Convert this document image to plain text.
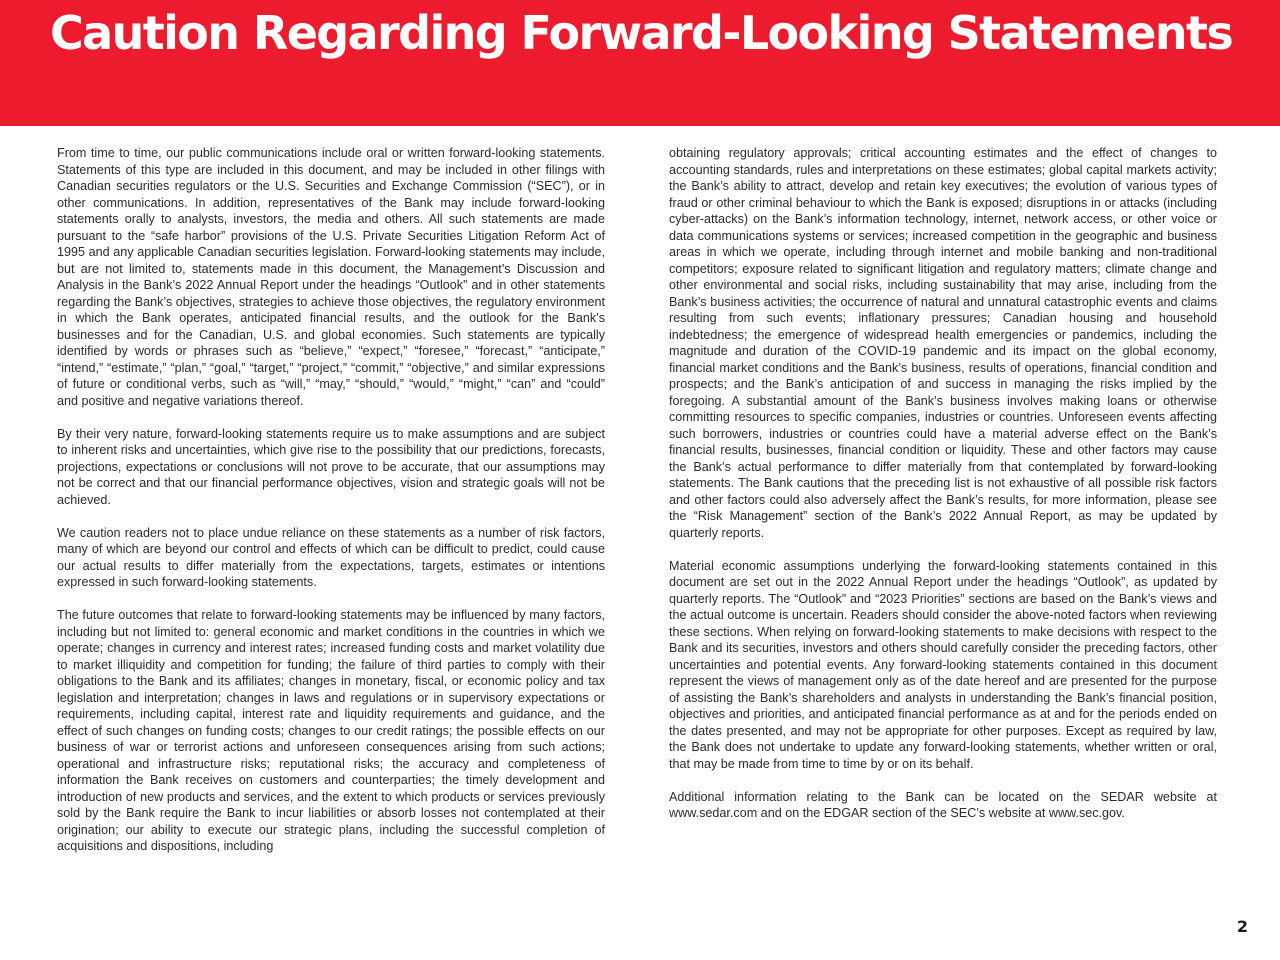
Caution Regarding Forward-Looking Statements

From time to time, our public communications include oral or written forward-looking statements. Statements of this type are included in this document, and may be included in other filings with Canadian securities regulators or the U.S. Securities and Exchange Commission (“SEC”), or in other communications. In addition, representatives of the Bank may include forward-looking statements orally to analysts, investors, the media and others. All such statements are made pursuant to the “safe harbor” provisions of the U.S. Private Securities Litigation Reform Act of 1995 and any applicable Canadian securities legislation. Forward-looking statements may include, but are not limited to, statements made in this document, the Management’s Discussion and Analysis in the Bank’s 2022 Annual Report under the headings “Outlook” and in other statements regarding the Bank’s objectives, strategies to achieve those objectives, the regulatory environment in which the Bank operates, anticipated financial results, and the outlook for the Bank’s businesses and for the Canadian, U.S. and global economies. Such statements are typically identified by words or phrases such as “believe,” “expect,” “foresee,” “forecast,” “anticipate,” “intend,” “estimate,” “plan,” “goal,” “target,” “project,” “commit,” “objective,” and similar expressions of future or conditional verbs, such as “will,” “may,” “should,” “would,” “might,” “can” and “could” and positive and negative variations thereof.

By their very nature, forward-looking statements require us to make assumptions and are subject to inherent risks and uncertainties, which give rise to the possibility that our predictions, forecasts, projections, expectations or conclusions will not prove to be accurate, that our assumptions may not be correct and that our financial performance objectives, vision and strategic goals will not be achieved.

We caution readers not to place undue reliance on these statements as a number of risk factors, many of which are beyond our control and effects of which can be difficult to predict, could cause our actual results to differ materially from the expectations, targets, estimates or intentions expressed in such forward-looking statements.

The future outcomes that relate to forward-looking statements may be influenced by many factors, including but not limited to: general economic and market conditions in the countries in which we operate; changes in currency and interest rates; increased funding costs and market volatility due to market illiquidity and competition for funding; the failure of third parties to comply with their obligations to the Bank and its affiliates; changes in monetary, fiscal, or economic policy and tax legislation and interpretation; changes in laws and regulations or in supervisory expectations or requirements, including capital, interest rate and liquidity requirements and guidance, and the effect of such changes on funding costs; changes to our credit ratings; the possible effects on our business of war or terrorist actions and unforeseen consequences arising from such actions; operational and infrastructure risks; reputational risks; the accuracy and completeness of information the Bank receives on customers and counterparties; the timely development and introduction of new products and services, and the extent to which products or services previously sold by the Bank require the Bank to incur liabilities or absorb losses not contemplated at their origination; our ability to execute our strategic plans, including the successful completion of acquisitions and dispositions, including

obtaining regulatory approvals; critical accounting estimates and the effect of changes to accounting standards, rules and interpretations on these estimates; global capital markets activity; the Bank’s ability to attract, develop and retain key executives; the evolution of various types of fraud or other criminal behaviour to which the Bank is exposed; disruptions in or attacks (including cyber-attacks) on the Bank’s information technology, internet, network access, or other voice or data communications systems or services; increased competition in the geographic and business areas in which we operate, including through internet and mobile banking and non-traditional competitors; exposure related to significant litigation and regulatory matters; climate change and other environmental and social risks, including sustainability that may arise, including from the Bank’s business activities; the occurrence of natural and unnatural catastrophic events and claims resulting from such events; inflationary pressures; Canadian housing and household indebtedness; the emergence of widespread health emergencies or pandemics, including the magnitude and duration of the COVID-19 pandemic and its impact on the global economy, financial market conditions and the Bank’s business, results of operations, financial condition and prospects; and the Bank’s anticipation of and success in managing the risks implied by the foregoing. A substantial amount of the Bank’s business involves making loans or otherwise committing resources to specific companies, industries or countries. Unforeseen events affecting such borrowers, industries or countries could have a material adverse effect on the Bank’s financial results, businesses, financial condition or liquidity. These and other factors may cause the Bank’s actual performance to differ materially from that contemplated by forward-looking statements. The Bank cautions that the preceding list is not exhaustive of all possible risk factors and other factors could also adversely affect the Bank’s results, for more information, please see the “Risk Management” section of the Bank’s 2022 Annual Report, as may be updated by quarterly reports.

Material economic assumptions underlying the forward-looking statements contained in this document are set out in the 2022 Annual Report under the headings “Outlook”, as updated by quarterly reports. The “Outlook” and “2023 Priorities” sections are based on the Bank’s views and the actual outcome is uncertain. Readers should consider the above-noted factors when reviewing these sections. When relying on forward-looking statements to make decisions with respect to the Bank and its securities, investors and others should carefully consider the preceding factors, other uncertainties and potential events. Any forward-looking statements contained in this document represent the views of management only as of the date hereof and are presented for the purpose of assisting the Bank’s shareholders and analysts in understanding the Bank’s financial position, objectives and priorities, and anticipated financial performance as at and for the periods ended on the dates presented, and may not be appropriate for other purposes. Except as required by law, the Bank does not undertake to update any forward-looking statements, whether written or oral, that may be made from time to time by or on its behalf.

Additional information relating to the Bank can be located on the SEDAR website at www.sedar.com and on the EDGAR section of the SEC’s website at www.sec.gov.

2
